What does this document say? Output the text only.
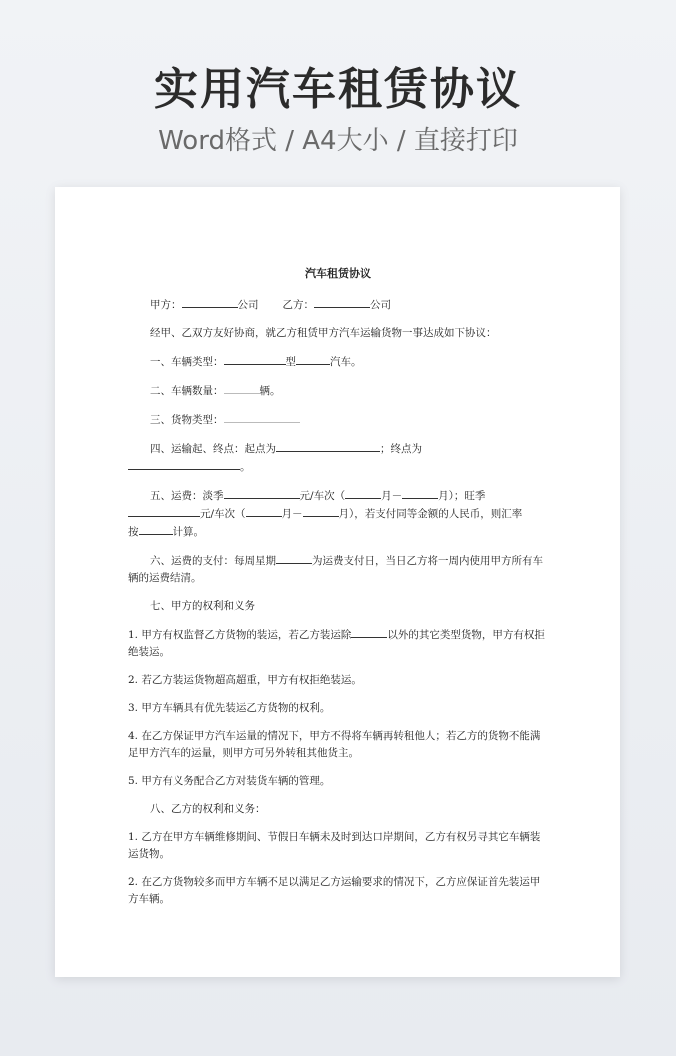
实用汽车租赁协议
Word格式 / A4大小 / 直接打印
汽车租赁协议
甲方：	公司 乙方：	公司
经甲、乙双方友好协商，就乙方租赁甲方汽车运输货物一事达成如下协议：
一、车辆类型：	型	汽车。
二、车辆数量：	辆。
三、货物类型：
四、运输起、终点：起点为	；终点为
。
五、运费：淡季	元/车次（	月－	月）；旺季
元/车次（	月－	月），若支付同等金额的人民币，则汇率
按	计算。
六、运费的支付：每周星期	为运费支付日，当日乙方将一周内使用甲方所有车辆的运费结清。
七、甲方的权利和义务
1. 甲方有权监督乙方货物的装运，若乙方装运除	以外的其它类型货物，甲方有权拒绝装运。
2. 若乙方装运货物超高超重，甲方有权拒绝装运。
3. 甲方车辆具有优先装运乙方货物的权利。
4. 在乙方保证甲方汽车运量的情况下，甲方不得将车辆再转租他人；若乙方的货物不能满足甲方汽车的运量，则甲方可另外转租其他货主。
5. 甲方有义务配合乙方对装货车辆的管理。
八、乙方的权利和义务：
1. 乙方在甲方车辆维修期间、节假日车辆未及时到达口岸期间，乙方有权另寻其它车辆装运货物。
2. 在乙方货物较多而甲方车辆不足以满足乙方运输要求的情况下，乙方应保证首先装运甲方车辆。
